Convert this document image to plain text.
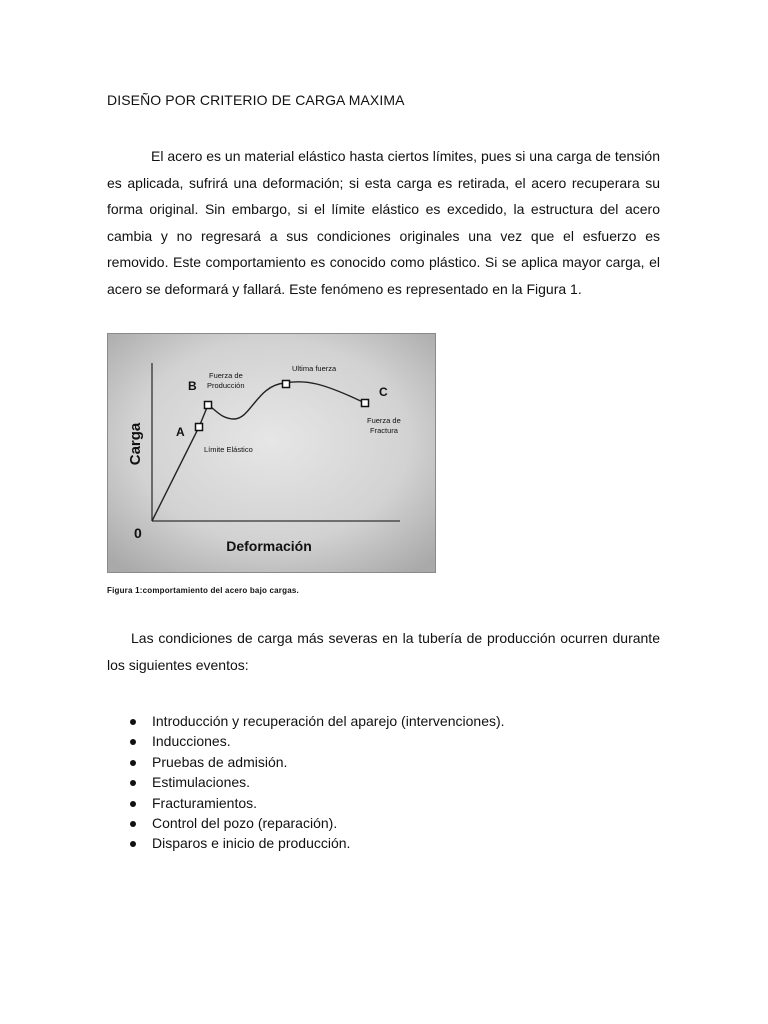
DISEÑO POR CRITERIO DE CARGA MAXIMA

El acero es un material elástico hasta ciertos límites, pues si una carga de tensión es aplicada, sufrirá una deformación; si esta carga es retirada, el acero recuperara su forma original. Sin embargo, si el límite elástico es excedido, la estructura del acero cambia y no regresará a sus condiciones originales una vez que el esfuerzo es removido. Este comportamiento es conocido como plástico. Si se aplica mayor carga, el acero se deformará y fallará. Este fenómeno es representado en la Figura 1.

Carga
Deformación
0
A
B	C
Límite Elástico
Fuerza de
Producción
Ultima fuerza
Fuerza de
Fractura

Figura 1:comportamiento del acero bajo cargas.

Las condiciones de carga más severas en la tubería de producción ocurren durante los siguientes eventos:

Introducción y recuperación del aparejo (intervenciones).
Inducciones.
Pruebas de admisión.
Estimulaciones.
Fracturamientos.
Control del pozo (reparación).
Disparos e inicio de producción.
